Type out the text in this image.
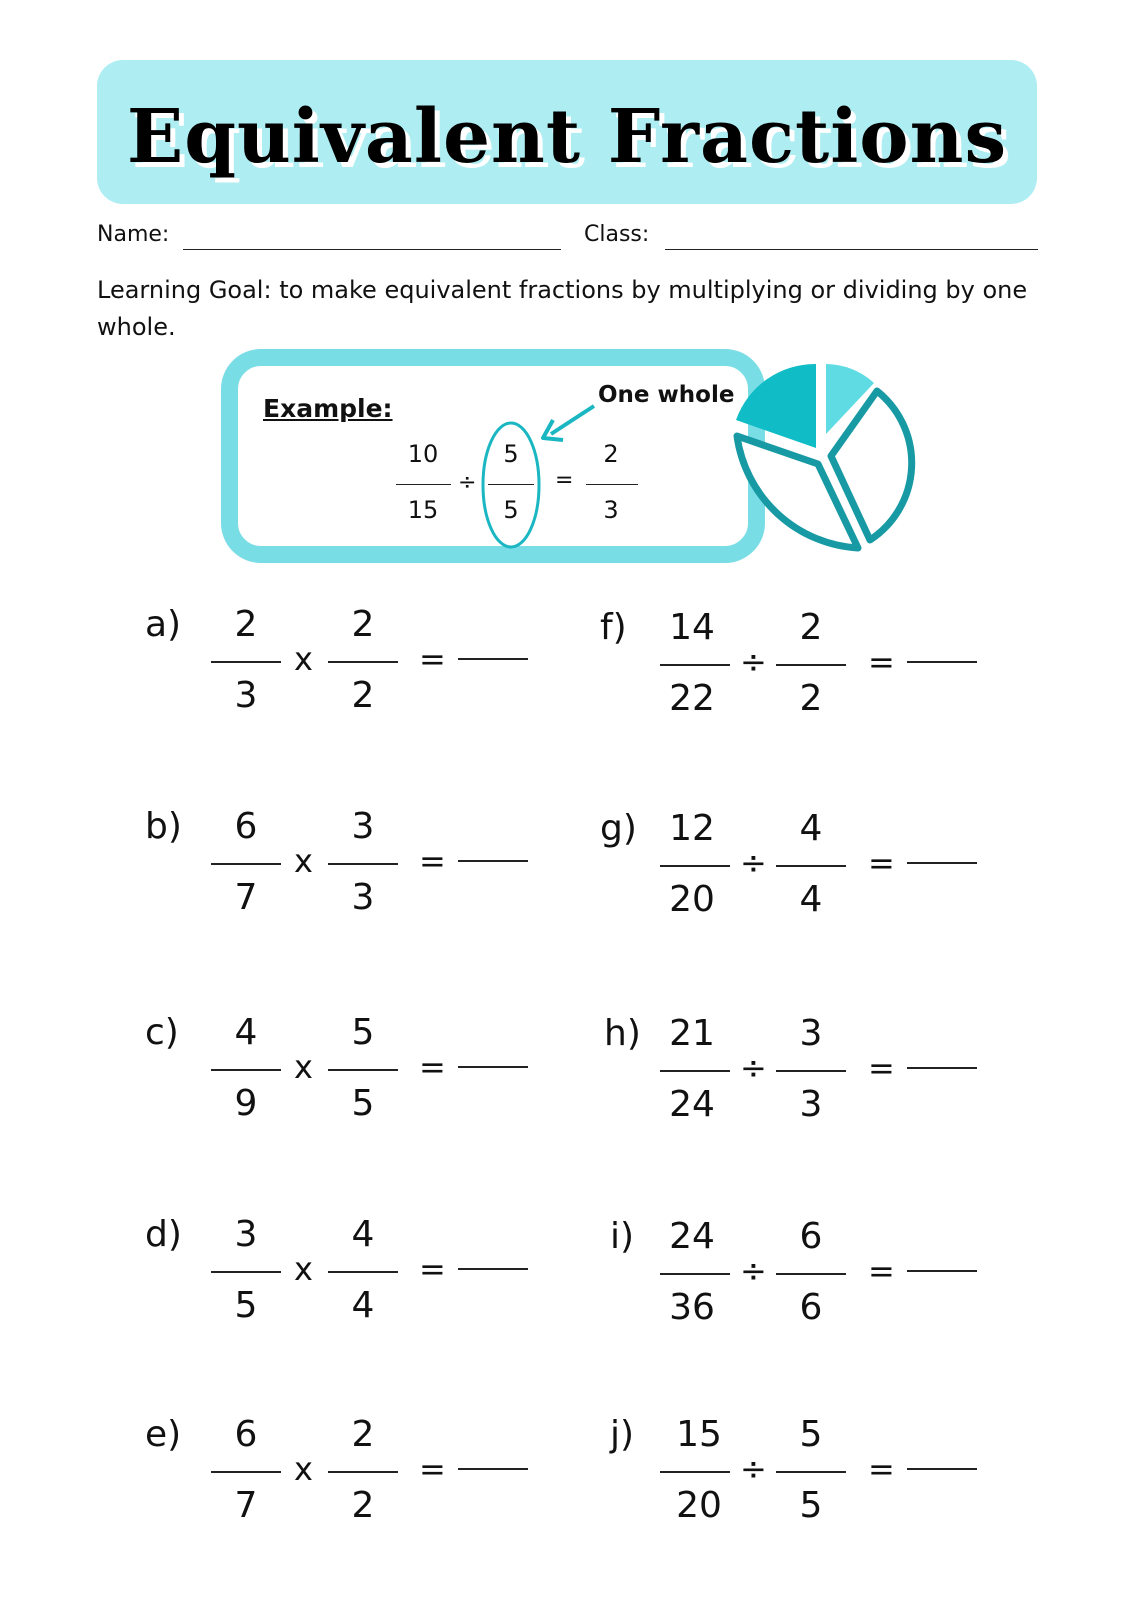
Equivalent Fractions
Name:	Class:
Learning Goal: to make equivalent fractions by multiplying or dividing by one whole.
Example:	One whole
10
15
÷
5
5
=
2
3
a)	2
3
x
2
2
=
b)	6
7
x
3
3
=
c)	4
9
x
5
5
=
d)	3
5
x
4
4
=
e)	6
7
x
2
2
=
f)	14
22
÷
2
2
=
g) 12
20
÷
4
4
=
h) 21
24
÷
3
3
=
i) 24
36
÷
6
6
=
j)	15
20
÷
5
5
=
